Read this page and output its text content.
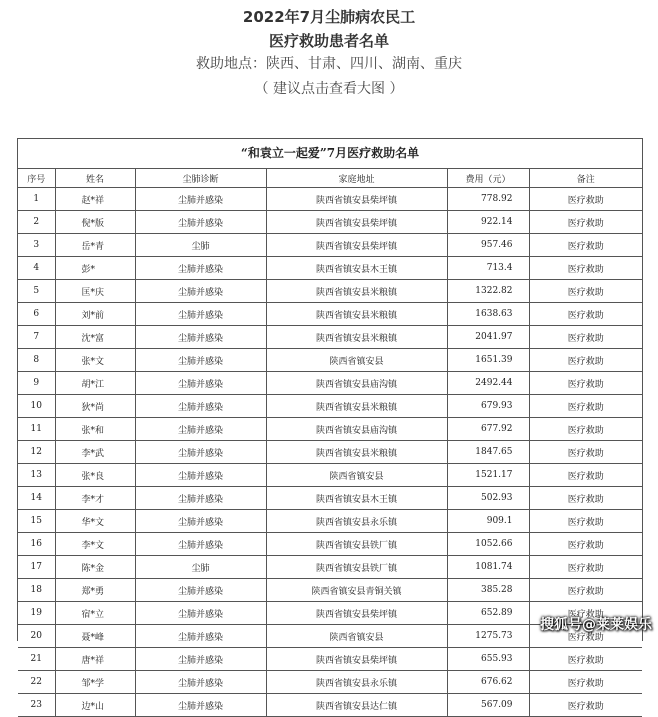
2022年7月尘肺病农民工
医疗救助患者名单
救助地点：陕西、甘肃、四川、湖南、重庆
（ 建议点击查看大图 ）
“和袁立一起爱”7月医疗救助名单
序号	姓名	尘肺诊断	家庭地址	费用（元）	备注
1	赵*祥	尘肺并感染	陕西省镇安县柴坪镇	778.92	医疗救助
2	倪*版	尘肺并感染	陕西省镇安县柴坪镇	922.14	医疗救助
3	岳*青	尘肺	陕西省镇安县柴坪镇	957.46	医疗救助
4	彭*	尘肺并感染	陕西省镇安县木王镇	713.4	医疗救助
5	匡*庆	尘肺并感染	陕西省镇安县米粮镇	1322.82	医疗救助
6	刘*前	尘肺并感染	陕西省镇安县米粮镇	1638.63	医疗救助
7	沈*富	尘肺并感染	陕西省镇安县米粮镇	2041.97	医疗救助
8	张*文	尘肺并感染	陕西省镇安县	1651.39	医疗救助
9	胡*江	尘肺并感染	陕西省镇安县庙沟镇	2492.44	医疗救助
10	狄*尚	尘肺并感染	陕西省镇安县米粮镇	679.93	医疗救助
11	张*和	尘肺并感染	陕西省镇安县庙沟镇	677.92	医疗救助
12	李*武	尘肺并感染	陕西省镇安县米粮镇	1847.65	医疗救助
13	张*良	尘肺并感染	陕西省镇安县	1521.17	医疗救助
14	李*才	尘肺并感染	陕西省镇安县木王镇	502.93	医疗救助
15	华*文	尘肺并感染	陕西省镇安县永乐镇	909.1	医疗救助
16	李*文	尘肺并感染	陕西省镇安县铁厂镇	1052.66	医疗救助
17	陈*金	尘肺	陕西省镇安县铁厂镇	1081.74	医疗救助
18	郑*勇	尘肺并感染	陕西省镇安县青铜关镇	385.28	医疗救助
19	宿*立	尘肺并感染	陕西省镇安县柴坪镇	652.89	医疗救助
20	聂*峰	尘肺并感染	陕西省镇安县	1275.73	医疗救助
21	唐*祥	尘肺并感染	陕西省镇安县柴坪镇	655.93	医疗救助
22	邹*学	尘肺并感染	陕西省镇安县永乐镇	676.62	医疗救助
23	边*山	尘肺并感染	陕西省镇安县达仁镇	567.09	医疗救助
搜狐号@莱莱娱乐
